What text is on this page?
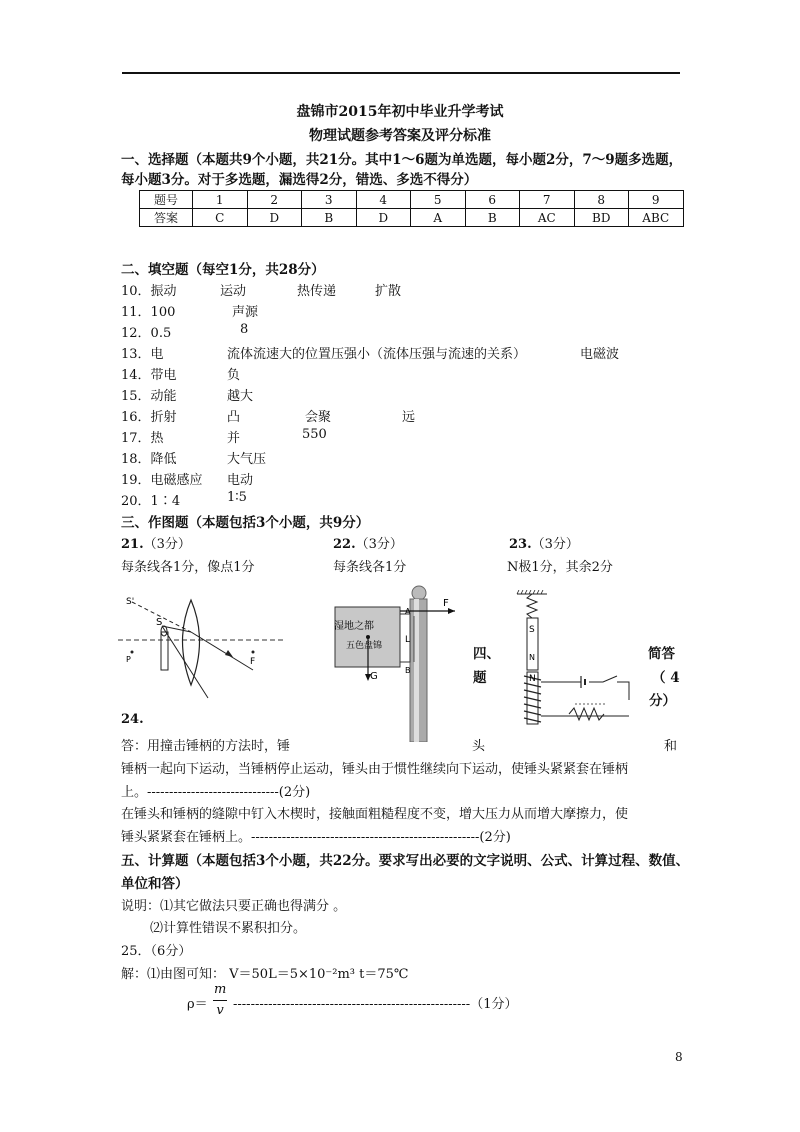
盘锦市2015年初中毕业升学考试
物理试题参考答案及评分标准
一、选择题（本题共9个小题，共21分。其中1～6题为单选题，每小题2分，7～9题多选题，
每小题3分。对于多选题，漏选得2分，错选、多选不得分）
题号	1	2	3	4	5	6	7	8	9
答案	C	D	B	D	A	B	AC	BD	ABC
二、填空题（每空1分，共28分）
10．振动	运动	热传递	扩散
11．100	声源
12．0.5	8
13．电	流体流速大的位置压强小（流体压强与流速的关系）	电磁波
14．带电	负
15．动能	越大
16．折射	凸	会聚	远
17．热	并	550
18．降低	大气压
19．电磁感应 电动
20．1∶4	1∶5
三、作图题（本题包括3个小题，共9分）
21.（3分）	22.（3分）	23.（3分）
每条线各1分，像点1分	每条线各1分	N极1分，其余2分
S'
S
P	F
湿地之都
五色盘锦
F
G
A
L
B
S
N
N
四、	简答
题	（ 4
分）
24.
答：用撞击锤柄的方法时，锤	头	和
锤柄一起向下运动，当锤柄停止运动，锤头由于惯性继续向下运动，使锤头紧紧套在锤柄
上。------------------------------(2分)
在锤头和锤柄的缝隙中钉入木楔时，接触面粗糙程度不变，增大压力从而增大摩擦力，使
锤头紧紧套在锤柄上。----------------------------------------------------(2分)
五、计算题（本题包括3个小题，共22分。要求写出必要的文字说明、公式、计算过程、数值、
单位和答）
说明：⑴其它做法只要正确也得满分 。
⑵计算性错误不累积扣分。
25．（6分）
解：⑴由图可知： V＝50L＝5×10⁻²m³ t＝75℃
ρ＝
m
v ------------------------------------------------------（1分）
8
